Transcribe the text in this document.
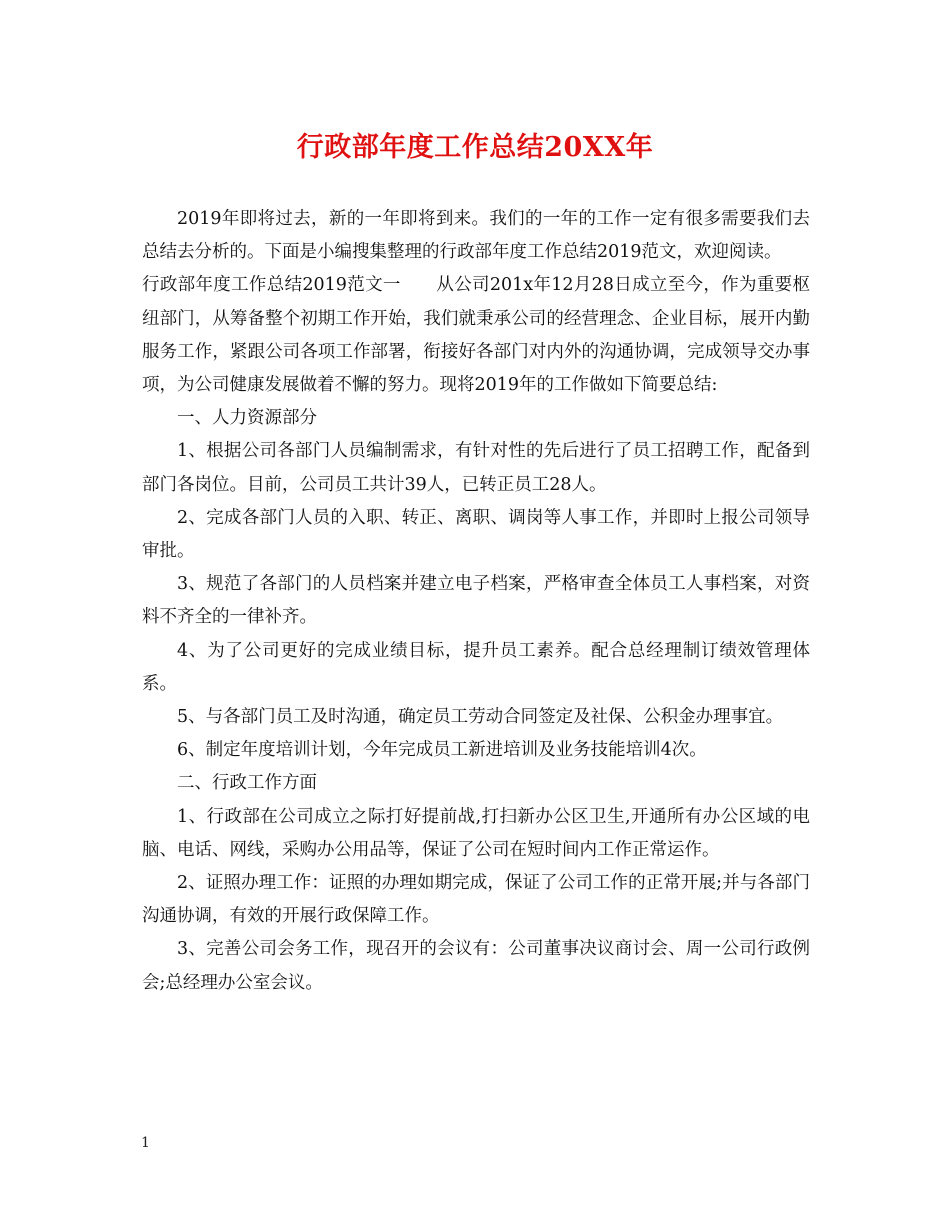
行政部年度工作总结20XX年

2019年即将过去，新的一年即将到来。我们的一年的工作一定有很多需要我们去总结去分析的。下面是小编搜集整理的行政部年度工作总结2019范文，欢迎阅读。

行政部年度工作总结2019范文一　　从公司201x年12月28日成立至今，作为重要枢纽部门，从筹备整个初期工作开始，我们就秉承公司的经营理念、企业目标，展开内勤服务工作，紧跟公司各项工作部署，衔接好各部门对内外的沟通协调，完成领导交办事项，为公司健康发展做着不懈的努力。现将2019年的工作做如下简要总结:

一、人力资源部分

1、根据公司各部门人员编制需求，有针对性的先后进行了员工招聘工作，配备到部门各岗位。目前，公司员工共计39人，已转正员工28人。

2、完成各部门人员的入职、转正、离职、调岗等人事工作，并即时上报公司领导审批。

3、规范了各部门的人员档案并建立电子档案，严格审查全体员工人事档案，对资料不齐全的一律补齐。

4、为了公司更好的完成业绩目标，提升员工素养。配合总经理制订绩效管理体系。

5、与各部门员工及时沟通，确定员工劳动合同签定及社保、公积金办理事宜。

6、制定年度培训计划，今年完成员工新进培训及业务技能培训4次。

二、行政工作方面

1、行政部在公司成立之际打好提前战,打扫新办公区卫生,开通所有办公区域的电脑、电话、网线，采购办公用品等，保证了公司在短时间内工作正常运作。

2、证照办理工作：证照的办理如期完成，保证了公司工作的正常开展;并与各部门沟通协调，有效的开展行政保障工作。

3、完善公司会务工作，现召开的会议有：公司董事决议商讨会、周一公司行政例会;总经理办公室会议。

1
